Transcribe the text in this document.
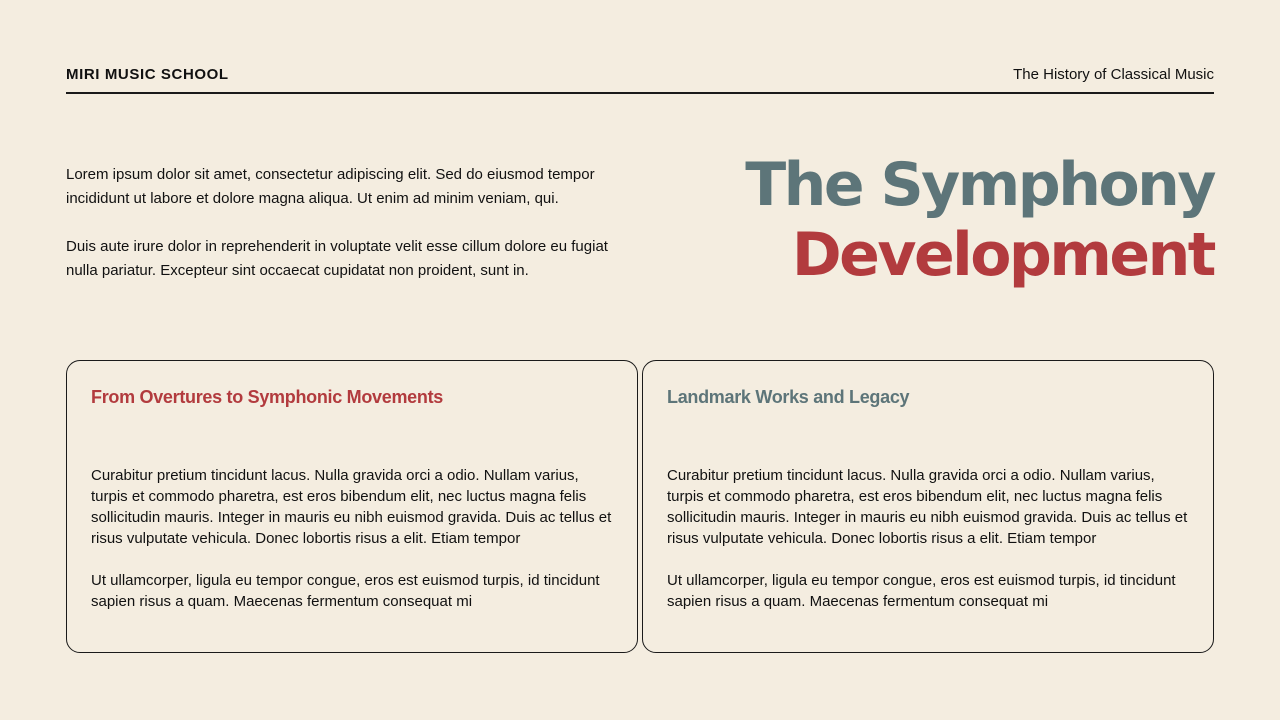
MIRI MUSIC SCHOOL	The History of Classical Music

Lorem ipsum dolor sit amet, consectetur adipiscing elit. Sed do eiusmod tempor incididunt ut labore et dolore magna aliqua. Ut enim ad minim veniam, qui.

Duis aute irure dolor in reprehenderit in voluptate velit esse cillum dolore eu fugiat nulla pariatur. Excepteur sint occaecat cupidatat non proident, sunt in.

The Symphony
Development
From Overtures to Symphonic Movements

Curabitur pretium tincidunt lacus. Nulla gravida orci a odio. Nullam varius, turpis et commodo pharetra, est eros bibendum elit, nec luctus magna felis sollicitudin mauris. Integer in mauris eu nibh euismod gravida. Duis ac tellus et risus vulputate vehicula. Donec lobortis risus a elit. Etiam tempor

Ut ullamcorper, ligula eu tempor congue, eros est euismod turpis, id tincidunt sapien risus a quam. Maecenas fermentum consequat mi

Landmark Works and Legacy

Curabitur pretium tincidunt lacus. Nulla gravida orci a odio. Nullam varius, turpis et commodo pharetra, est eros bibendum elit, nec luctus magna felis sollicitudin mauris. Integer in mauris eu nibh euismod gravida. Duis ac tellus et risus vulputate vehicula. Donec lobortis risus a elit. Etiam tempor

Ut ullamcorper, ligula eu tempor congue, eros est euismod turpis, id tincidunt sapien risus a quam. Maecenas fermentum consequat mi
